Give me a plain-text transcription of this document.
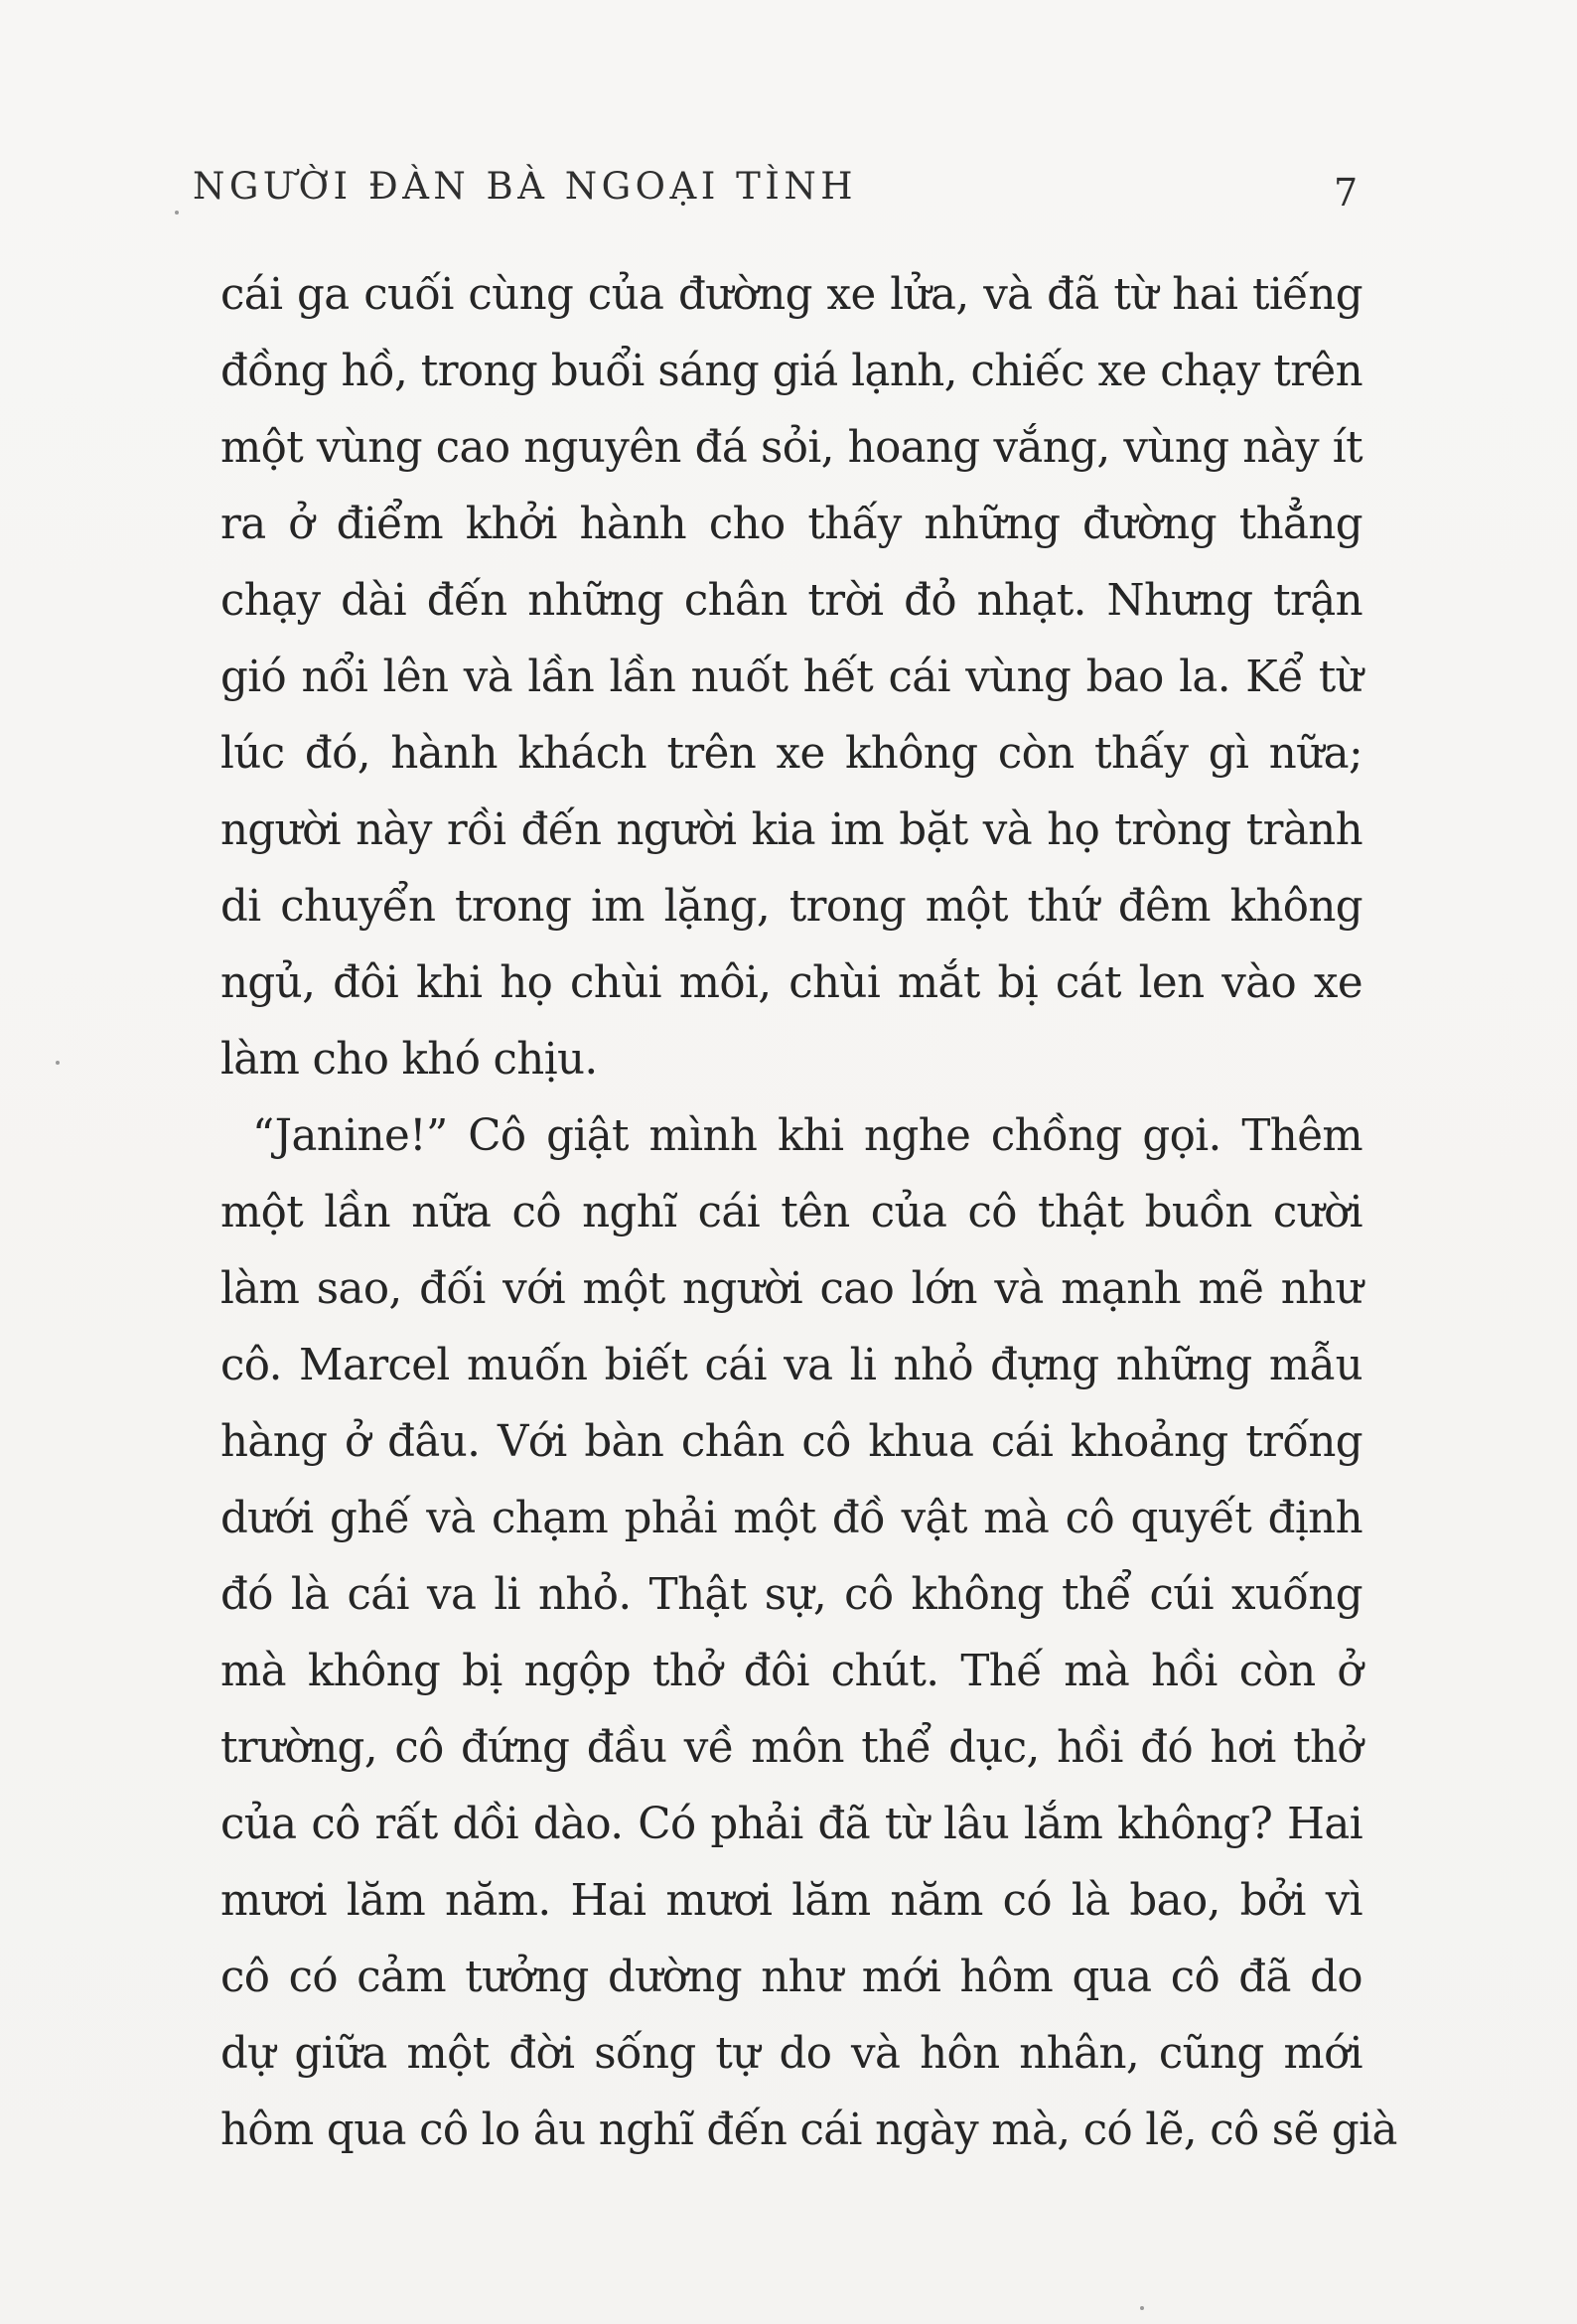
NGƯỜI ĐÀN BÀ NGOẠI TÌNH	7
cái ga cuối cùng của đường xe lửa, và đã từ hai tiếng
đồng hồ, trong buổi sáng giá lạnh, chiếc xe chạy trên
một vùng cao nguyên đá sỏi, hoang vắng, vùng này ít
ra ở điểm khởi hành cho thấy những đường thẳng
chạy dài đến những chân trời đỏ nhạt. Nhưng trận
gió nổi lên và lần lần nuốt hết cái vùng bao la. Kể từ
lúc đó, hành khách trên xe không còn thấy gì nữa;
người này rồi đến người kia im bặt và họ tròng trành
di chuyển trong im lặng, trong một thứ đêm không
ngủ, đôi khi họ chùi môi, chùi mắt bị cát len vào xe
làm cho khó chịu.
“Janine!” Cô giật mình khi nghe chồng gọi. Thêm
một lần nữa cô nghĩ cái tên của cô thật buồn cười
làm sao, đối với một người cao lớn và mạnh mẽ như
cô. Marcel muốn biết cái va li nhỏ đựng những mẫu
hàng ở đâu. Với bàn chân cô khua cái khoảng trống
dưới ghế và chạm phải một đồ vật mà cô quyết định
đó là cái va li nhỏ. Thật sự, cô không thể cúi xuống
mà không bị ngộp thở đôi chút. Thế mà hồi còn ở
trường, cô đứng đầu về môn thể dục, hồi đó hơi thở
của cô rất dồi dào. Có phải đã từ lâu lắm không? Hai
mươi lăm năm. Hai mươi lăm năm có là bao, bởi vì
cô có cảm tưởng dường như mới hôm qua cô đã do
dự giữa một đời sống tự do và hôn nhân, cũng mới
hôm qua cô lo âu nghĩ đến cái ngày mà, có lẽ, cô sẽ già
